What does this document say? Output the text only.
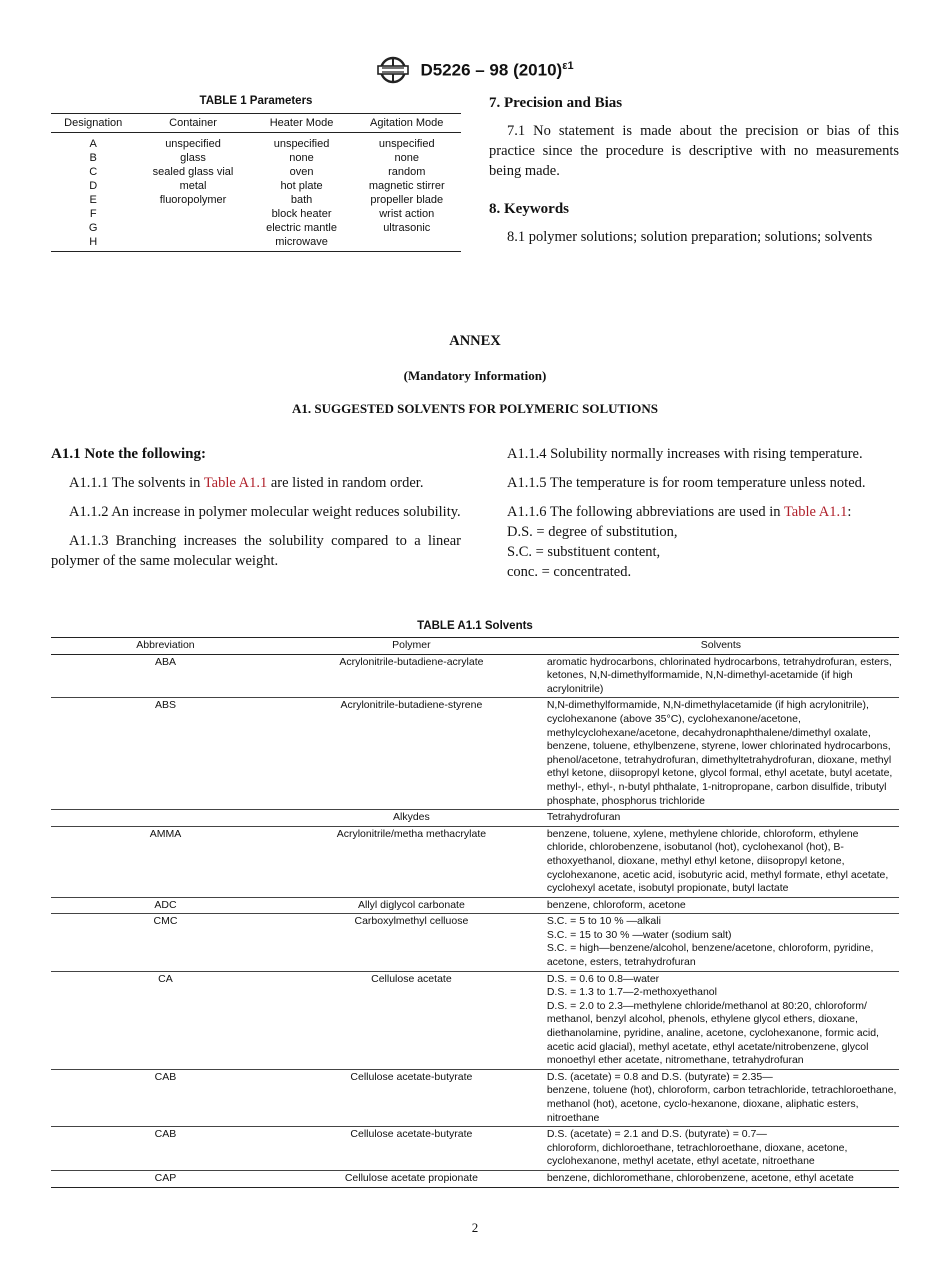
D5226 – 98 $(2010)^{\varepsilon 1}$
TABLE 1 Parameters
Designation	Container	Heater Mode	Agitation Mode
A	unspecified	unspecified	unspecified
B	glass	none	none
C	sealed glass vial	oven	random
D	metal	hot plate	magnetic stirrer
E	fluoropolymer	bath	propeller blade
F		block heater	wrist action
G		electric mantle	ultrasonic
H		microwave	
7. Precision and Bias

7.1 No statement is made about the precision or bias of this practice since the procedure is descriptive with no measurements being made.

8. Keywords

8.1 polymer solutions; solution preparation; solutions; solvents

ANNEX
(Mandatory Information)
A1. SUGGESTED SOLVENTS FOR POLYMERIC SOLUTIONS
A1.1 Note the following:

A1.1.1 The solvents in Table A1.1 are listed in random order.

A1.1.2 An increase in polymer molecular weight reduces solubility.

A1.1.3 Branching increases the solubility compared to a linear polymer of the same molecular weight.

A1.1.4 Solubility normally increases with rising temperature.

A1.1.5 The temperature is for room temperature unless noted.

A1.1.6 The following abbreviations are used in Table A1.1:

D.S. = degree of substitution,

S.C. = substituent content,

conc. = concentrated.

TABLE A1.1 Solvents
Abbreviation	Polymer	Solvents
ABA	Acrylonitrile-butadiene-acrylate	aromatic hydrocarbons, chlorinated hydrocarbons, tetrahydrofuran, esters, ketones, N,N-dimethylformamide, N,N-dimethyl-acetamide (if high acrylonitrile)
ABS	Acrylonitrile-butadiene-styrene	N,N-dimethylformamide, N,N-dimethylacetamide (if high acrylonitrile), cyclohexanone (above 35°C), cyclohexanone/acetone, methylcyclohexane/acetone, decahydronaphthalene/dimethyl oxalate, benzene, toluene, ethylbenzene, styrene, lower chlorinated hydrocarbons, phenol/acetone, tetrahydrofuran, dimethyltetrahydrofuran, dioxane, methyl ethyl ketone, diisopropyl ketone, glycol formal, ethyl acetate, butyl acetate, methyl-, ethyl-, n-butyl phthalate, 1-nitropropane, carbon disulfide, tributyl phosphate, phosphorus trichloride
	Alkydes	Tetrahydrofuran
AMMA	Acrylonitrile/metha methacrylate	benzene, toluene, xylene, methylene chloride, chloroform, ethylene chloride, chlorobenzene, isobutanol (hot), cyclohexanol (hot), B-ethoxyethanol, dioxane, methyl ethyl ketone, diisopropyl ketone, cyclohexanone, acetic acid, isobutyric acid, methyl formate, ethyl acetate, cyclohexyl acetate, isobutyl propionate, butyl lactate
ADC	Allyl diglycol carbonate	benzene, chloroform, acetone
CMC	Carboxylmethyl celluose	S.C. = 5 to 10 % —alkali
S.C. = 15 to 30 % —water (sodium salt)
S.C. = high—benzene/alcohol, benzene/acetone, chloroform, pyridine, acetone, esters, tetrahydrofuran
CA	Cellulose acetate	D.S. = 0.6 to 0.8—water
D.S. = 1.3 to 1.7—2-methoxyethanol
D.S. = 2.0 to 2.3—methylene chloride/methanol at 80:20, chloroform/ methanol, benzyl alcohol, phenols, ethylene glycol ethers, dioxane, diethanolamine, pyridine, analine, acetone, cyclohexanone, formic acid, acetic acid glacial), methyl acetate, ethyl acetate/nitrobenzene, glycol monoethyl ether acetate, nitromethane, tetrahydrofuran
CAB	Cellulose acetate-butyrate	D.S. (acetate) = 0.8 and D.S. (butyrate) = 2.35—
benzene, toluene (hot), chloroform, carbon tetrachloride, tetrachloroethane, methanol (hot), acetone, cyclo-hexanone, dioxane, aliphatic esters, nitroethane
CAB	Cellulose acetate-butyrate	D.S. (acetate) = 2.1 and D.S. (butyrate) = 0.7—
chloroform, dichloroethane, tetrachloroethane, dioxane, acetone, cyclohexanone, methyl acetate, ethyl acetate, nitroethane
CAP	Cellulose acetate propionate	benzene, dichloromethane, chlorobenzene, acetone, ethyl acetate
2
